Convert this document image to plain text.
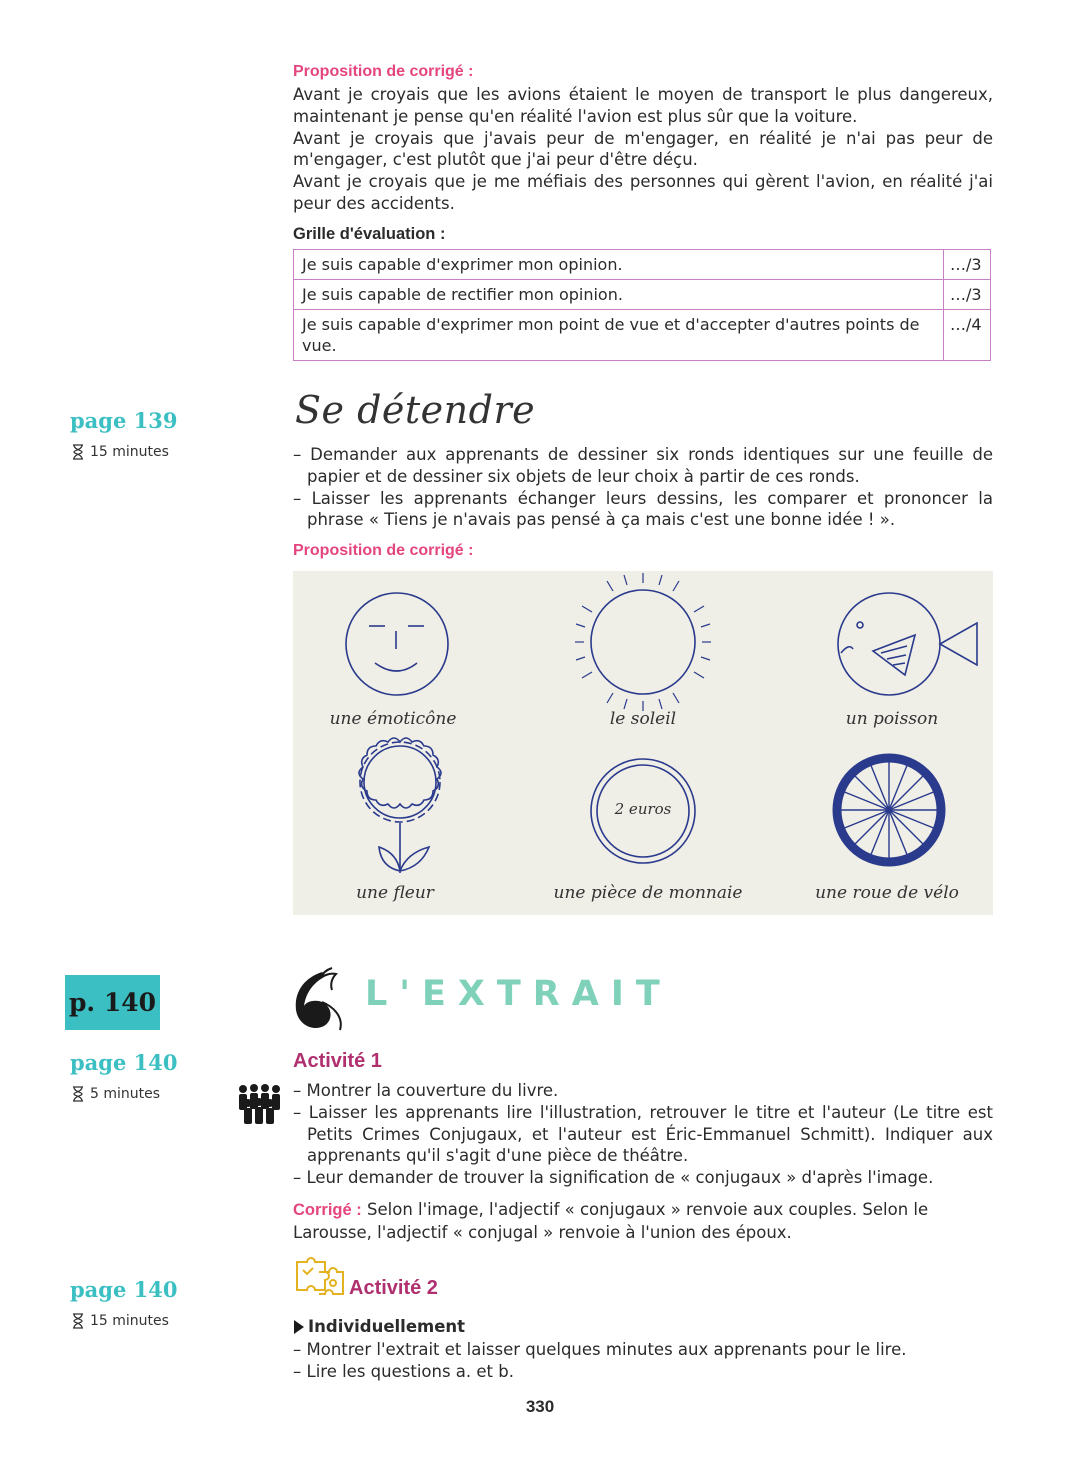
Proposition de corrigé :
Avant je croyais que les avions étaient le moyen de transport le plus dangereux, maintenant je pense qu'en réalité l'avion est plus sûr que la voiture.
Avant je croyais que j'avais peur de m'engager, en réalité je n'ai pas peur de m'engager, c'est plutôt que j'ai peur d'être déçu.
Avant je croyais que je me méfiais des personnes qui gèrent l'avion, en réalité j'ai peur des accidents.
Grille d'évaluation :
Je suis capable d'exprimer mon opinion.	…/3
Je suis capable de rectifier mon opinion.	…/3
Je suis capable d'exprimer mon point de vue et d'accepter d'autres points de vue.	…/4
page 139
15 minutes
Se détendre
– Demander aux apprenants de dessiner six ronds identiques sur une feuille de papier et de dessiner six objets de leur choix à partir de ces ronds.
– Laisser les apprenants échanger leurs dessins, les comparer et prononcer la phrase « Tiens je n'avais pas pensé à ça mais c'est une bonne idée ! ».
Proposition de corrigé :
une émoticône	le soleil	un poisson
2 euros
une fleur	une pièce de monnaie	une roue de vélo
p. 140	L'EXTRAIT
page 140
5 minutes
Activité 1
– Montrer la couverture du livre.
– Laisser les apprenants lire l'illustration, retrouver le titre et l'auteur (Le titre est Petits Crimes Conjugaux, et l'auteur est Éric-Emmanuel Schmitt). Indiquer aux apprenants qu'il s'agit d'une pièce de théâtre.
– Leur demander de trouver la signification de « conjugaux » d'après l'image.
Corrigé : Selon l'image, l'adjectif « conjugaux » renvoie aux couples. Selon le Larousse, l'adjectif « conjugal » renvoie à l'union des époux.
page 140
15 minutes
Activité 2
Individuellement
– Montrer l'extrait et laisser quelques minutes aux apprenants pour le lire.
– Lire les questions a. et b.
330
